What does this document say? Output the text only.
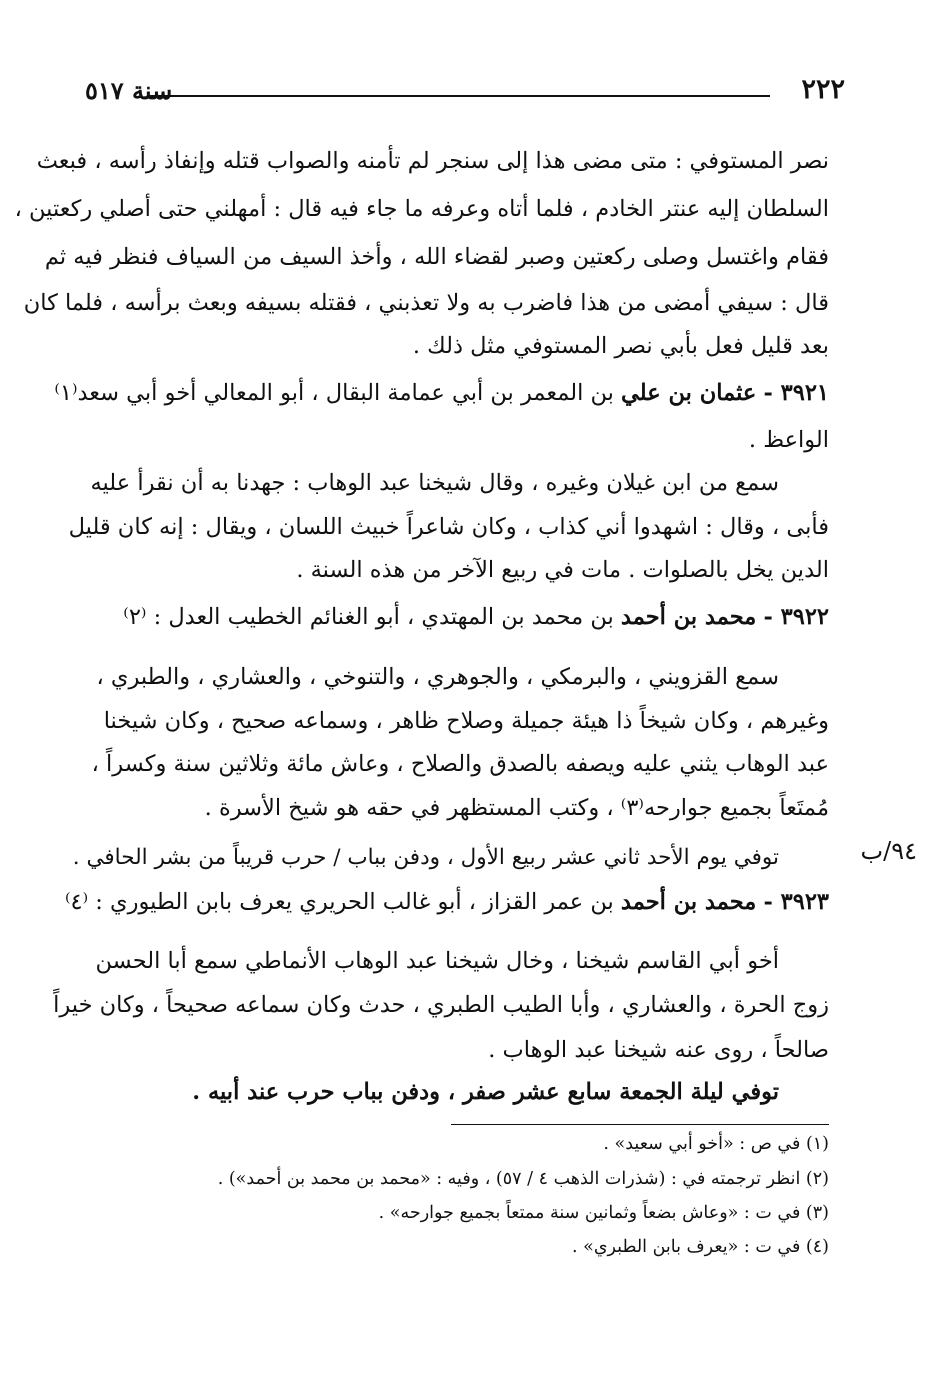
٢٢٢
سنة ٥١٧
٩٤/ب
نصر المستوفي : متى مضى هذا إلى سنجر لم تأمنه والصواب قتله وإنفاذ رأسه ، فبعث
السلطان إليه عنتر الخادم ، فلما أتاه وعرفه ما جاء فيه قال : أمهلني حتى أصلي ركعتين ،
فقام واغتسل وصلى ركعتين وصبر لقضاء الله ، وأخذ السيف من السياف فنظر فيه ثم
قال : سيفي أمضى من هذا فاضرب به ولا تعذبني ، فقتله بسيفه وبعث برأسه ، فلما كان
بعد قليل فعل بأبي نصر المستوفي مثل ذلك .
٣٩٢١ - عثمان بن علي بن المعمر بن أبي عمامة البقال ، أبو المعالي أخو أبي سعد⁽١⁾
الواعظ .
سمع من ابن غيلان وغيره ، وقال شيخنا عبد الوهاب : جهدنا به أن نقرأ عليه
فأبى ، وقال : اشهدوا أني كذاب ، وكان شاعراً خبيث اللسان ، ويقال : إنه كان قليل
الدين يخل بالصلوات . مات في ربيع الآخر من هذه السنة .
٣٩٢٢ - محمد بن أحمد بن محمد بن المهتدي ، أبو الغنائم الخطيب العدل : ⁽٢⁾
سمع القزويني ، والبرمكي ، والجوهري ، والتنوخي ، والعشاري ، والطبري ،
وغيرهم ، وكان شيخاً ذا هيئة جميلة وصلاح ظاهر ، وسماعه صحيح ، وكان شيخنا
عبد الوهاب يثني عليه ويصفه بالصدق والصلاح ، وعاش مائة وثلاثين سنة وكسراً ،
مُمتَعاً بجميع جوارحه⁽٣⁾ ، وكتب المستظهر في حقه هو شيخ الأسرة .
توفي يوم الأحد ثاني عشر ربيع الأول ، ودفن بباب / حرب قريباً من بشر الحافي .
٣٩٢٣ - محمد بن أحمد بن عمر القزاز ، أبو غالب الحريري يعرف بابن الطيوري : ⁽٤⁾
أخو أبي القاسم شيخنا ، وخال شيخنا عبد الوهاب الأنماطي سمع أبا الحسن
زوج الحرة ، والعشاري ، وأبا الطيب الطبري ، حدث وكان سماعه صحيحاً ، وكان خيراً
صالحاً ، روى عنه شيخنا عبد الوهاب .
توفي ليلة الجمعة سابع عشر صفر ، ودفن بباب حرب عند أبيه .
(١) في ص : «أخو أبي سعيد» .
(٢) انظر ترجمته في : (شذرات الذهب ٤ / ٥٧) ، وفيه : «محمد بن محمد بن أحمد») .
(٣) في ت : «وعاش بضعاً وثمانين سنة ممتعاً بجميع جوارحه» .
(٤) في ت : «يعرف بابن الطبري» .
